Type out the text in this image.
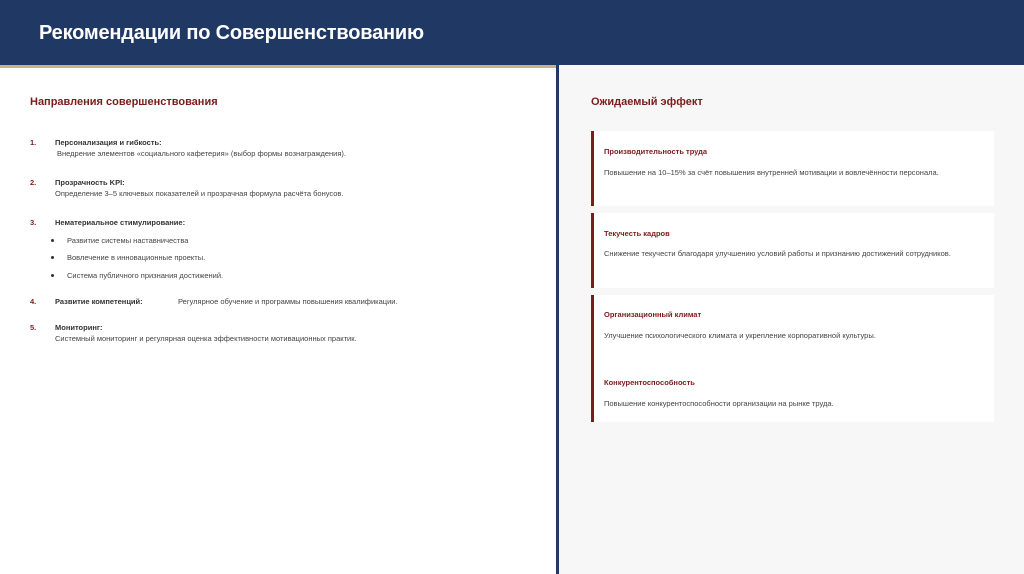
Рекомендации по Совершенствованию
Направления совершенствования
1. Персонализация и гибкость:
Внедрение элементов «социального кафетерия» (выбор формы вознаграждения).
2. Прозрачность KPI:
Определение 3–5 ключевых показателей и прозрачная формула расчёта бонусов.
3. Нематериальное стимулирование:
Развитие системы наставничества
Вовлечение в инновационные проекты.
Система публичного признания достижений.
4. Развитие компетенций:	Регулярное обучение и программы повышения квалификации.
5. Мониторинг:
Системный мониторинг и регулярная оценка эффективности мотивационных практик.
Ожидаемый эффект
Производительность труда
Повышение на 10–15% за счёт повышения внутренней мотивации и вовлечённости персонала.
Текучесть кадров
Снижение текучести благодаря улучшению условий работы и признанию достижений сотрудников.
Организационный климат
Улучшение психологического климата и укрепление корпоративной культуры.
Конкурентоспособность
Повышение конкурентоспособности организации на рынке труда.
